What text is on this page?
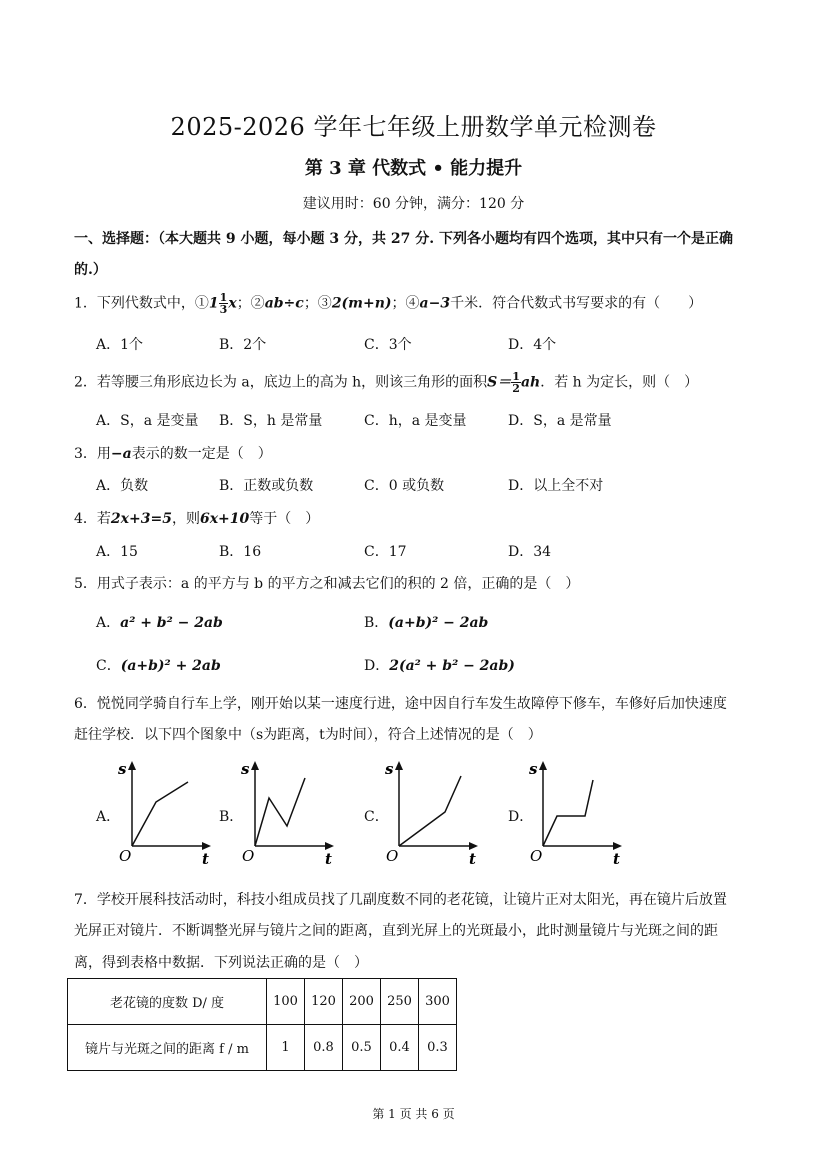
2025-2026 学年七年级上册数学单元检测卷
第 3 章 代数式 • 能力提升
建议用时：60 分钟，满分：120 分
一、选择题：（本大题共 9 小题，每小题 3 分，共 27 分. 下列各小题均有四个选项，其中只有一个是正确
的.）
1．下列代数式中，①1 $\frac{1}{3}$ x；②ab÷c；③2(m+n)；④a−3千米．符合代数式书写要求的有（　　）
A．1个	B．2个	C．3个	D．4个
2．若等腰三角形底边长为 a，底边上的高为 h，则该三角形的面积$S= \frac{1}{2}$ ah．若 h 为定长，则（　）
A．S，a 是变量 B．S，h 是常量	C．h，a 是变量	D．S，a 是常量
3．用−a表示的数一定是（　）
A．负数	B．正数或负数	C．0 或负数	D．以上全不对
4．若2x+3=5，则6x+10等于（　）
A．15	B．16	C．17	D．34
5．用式子表示：a 的平方与 b 的平方之和减去它们的积的 2 倍，正确的是（　）
A．a² + b² − 2ab	B．(a+b)² − 2ab
C．(a+b)² + 2ab	D．2(a² + b² − 2ab)
6．悦悦同学骑自行车上学，刚开始以某一速度行进，途中因自行车发生故障停下修车，车修好后加快速度
赶往学校．以下四个图象中（s为距离，t为时间），符合上述情况的是（　）
A．
s
t
O
B．
s
t
O
C．
s
t
O
D．
s
t
O
7．学校开展科技活动时，科技小组成员找了几副度数不同的老花镜，让镜片正对太阳光，再在镜片后放置
光屏正对镜片．不断调整光屏与镜片之间的距离，直到光屏上的光斑最小，此时测量镜片与光斑之间的距
离，得到表格中数据．下列说法正确的是（　）
老花镜的度数 D/ 度	100	120	200	250	300
镜片与光斑之间的距离 f / m	1	0.8	0.5	0.4	0.3
第 1 页 共 6 页
